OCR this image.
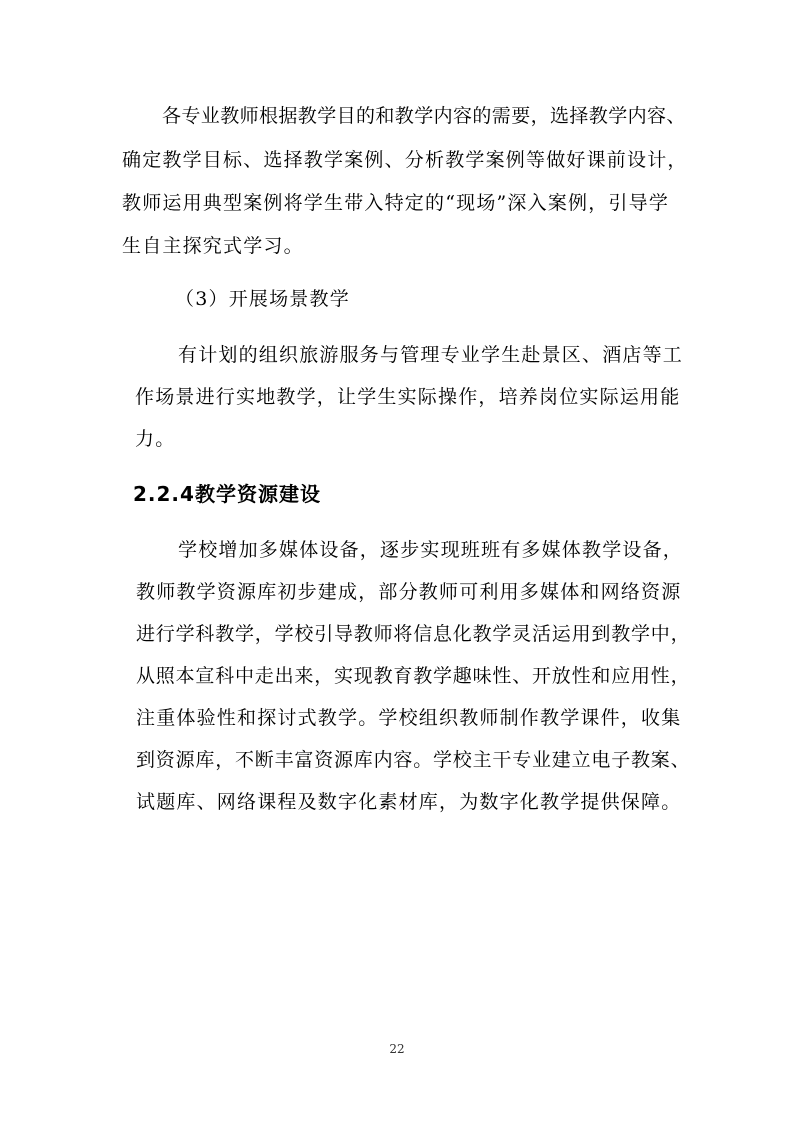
各专业教师根据教学目的和教学内容的需要，选择教学内容、
确定教学目标、选择教学案例、分析教学案例等做好课前设计，
教师运用典型案例将学生带入特定的“现场”深入案例，引导学
生自主探究式学习。
（3）开展场景教学
有计划的组织旅游服务与管理专业学生赴景区、酒店等工
作场景进行实地教学，让学生实际操作，培养岗位实际运用能
力。
2.2.4教学资源建设
学校增加多媒体设备，逐步实现班班有多媒体教学设备，
教师教学资源库初步建成，部分教师可利用多媒体和网络资源
进行学科教学，学校引导教师将信息化教学灵活运用到教学中，
从照本宣科中走出来，实现教育教学趣味性、开放性和应用性，
注重体验性和探讨式教学。学校组织教师制作教学课件，收集
到资源库，不断丰富资源库内容。学校主干专业建立电子教案、
试题库、网络课程及数字化素材库，为数字化教学提供保障。
22
